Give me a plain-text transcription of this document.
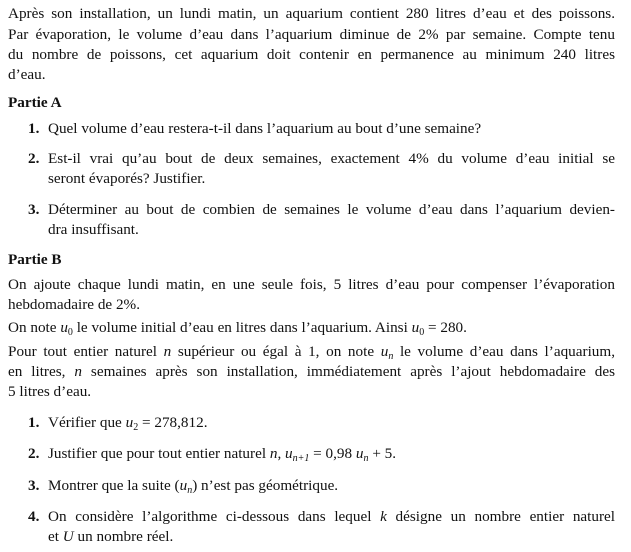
Après son installation, un lundi matin, un aquarium contient 280 litres d’eau et des poissons.
Par évaporation, le volume d’eau dans l’aquarium diminue de 2% par semaine. Compte tenu
du nombre de poissons, cet aquarium doit contenir en permanence au minimum 240 litres
d’eau.
Partie A
1. Quel volume d’eau restera-t-il dans l’aquarium au bout d’une semaine?
2. Est-il vrai qu’au bout de deux semaines, exactement 4% du volume d’eau initial se
seront évaporés? Justifier.
3. Déterminer au bout de combien de semaines le volume d’eau dans l’aquarium devien-
dra insuffisant.
Partie B
On ajoute chaque lundi matin, en une seule fois, 5 litres d’eau pour compenser l’évaporation
hebdomadaire de 2%.
On note $u_0$ le volume initial d’eau en litres dans l’aquarium. Ainsi $u_0 = 280$.
Pour tout entier naturel n supérieur ou égal à 1, on note $u_n$ le volume d’eau dans l’aquarium,
en litres, n semaines après son installation, immédiatement après l’ajout hebdomadaire des
5 litres d’eau.
1. Vérifier que $u_2 = 278,812$.
2. Justifier que pour tout entier naturel n, $u_{n+1} = 0,98$ $u_n + 5$.
3. Montrer que la suite $(u_n)$ n’est pas géométrique.
4. On considère l’algorithme ci-dessous dans lequel k désigne un nombre entier naturel
et U un nombre réel.
